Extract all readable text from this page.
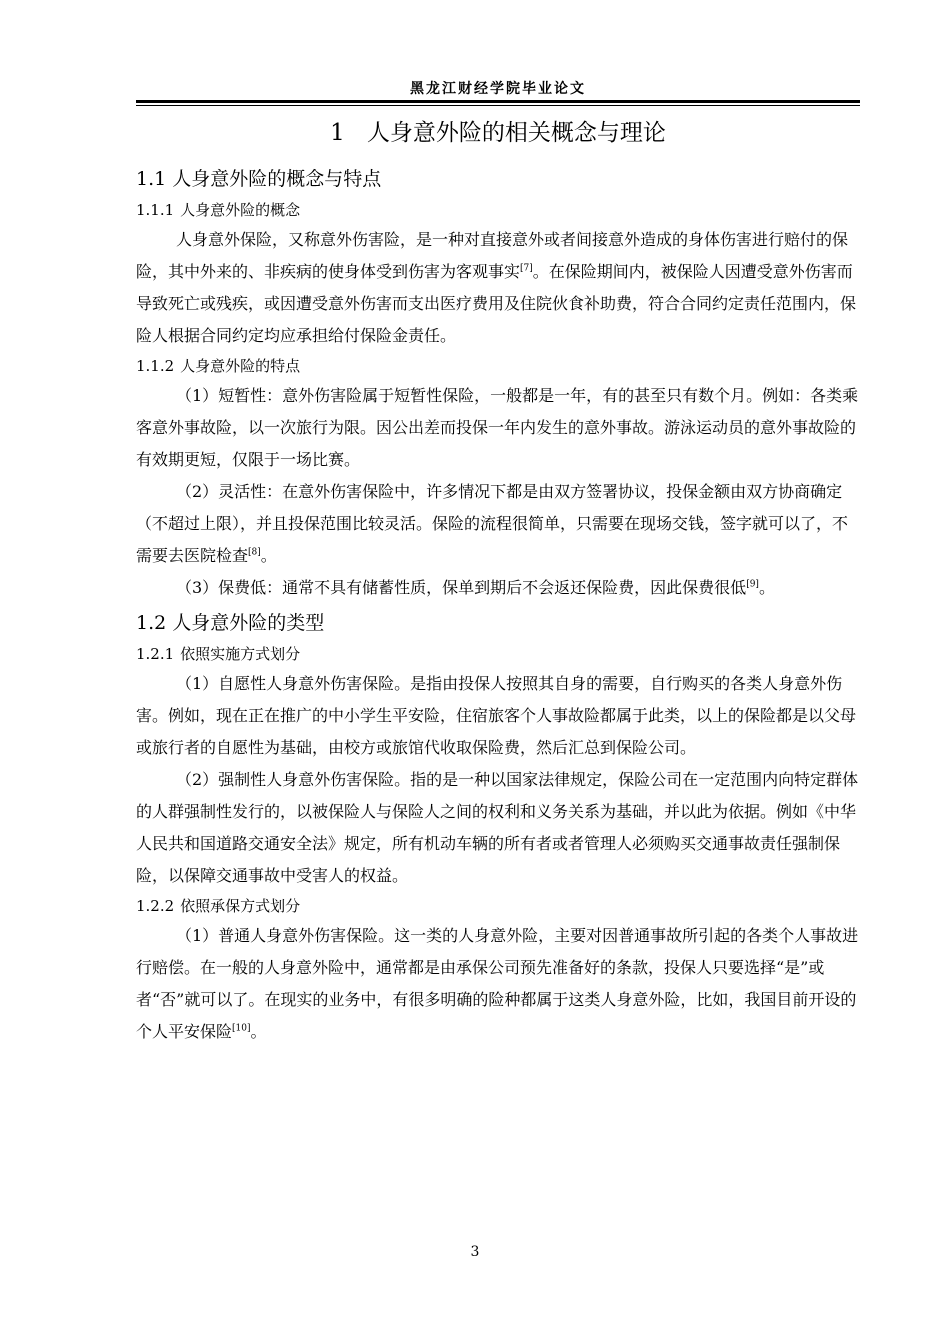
黑龙江财经学院毕业论文
1 人身意外险的相关概念与理论
1.1 人身意外险的概念与特点
1.1.1 人身意外险的概念

人身意外保险，又称意外伤害险，是一种对直接意外或者间接意外造成的身体伤害进行赔付的保险，其中外来的、非疾病的使身体受到伤害为客观事实[7]。在保险期间内，被保险人因遭受意外伤害而导致死亡或残疾，或因遭受意外伤害而支出医疗费用及住院伙食补助费，符合合同约定责任范围内，保险人根据合同约定均应承担给付保险金责任。

1.1.2 人身意外险的特点

（1）短暂性：意外伤害险属于短暂性保险，一般都是一年，有的甚至只有数个月。例如：各类乘客意外事故险，以一次旅行为限。因公出差而投保一年内发生的意外事故。游泳运动员的意外事故险的有效期更短，仅限于一场比赛。

（2）灵活性：在意外伤害保险中，许多情况下都是由双方签署协议，投保金额由双方协商确定（不超过上限），并且投保范围比较灵活。保险的流程很简单，只需要在现场交钱，签字就可以了，不需要去医院检查[8]。

（3）保费低：通常不具有储蓄性质，保单到期后不会返还保险费，因此保费很低[9]。

1.2 人身意外险的类型
1.2.1 依照实施方式划分

（1）自愿性人身意外伤害保险。是指由投保人按照其自身的需要，自行购买的各类人身意外伤害。例如，现在正在推广的中小学生平安险，住宿旅客个人事故险都属于此类，以上的保险都是以父母或旅行者的自愿性为基础，由校方或旅馆代收取保险费，然后汇总到保险公司。

（2）强制性人身意外伤害保险。指的是一种以国家法律规定，保险公司在一定范围内向特定群体的人群强制性发行的，以被保险人与保险人之间的权利和义务关系为基础，并以此为依据。例如《中华人民共和国道路交通安全法》规定，所有机动车辆的所有者或者管理人必须购买交通事故责任强制保险，以保障交通事故中受害人的权益。

1.2.2 依照承保方式划分

（1）普通人身意外伤害保险。这一类的人身意外险，主要对因普通事故所引起的各类个人事故进行赔偿。在一般的人身意外险中，通常都是由承保公司预先准备好的条款，投保人只要选择“是”或者“否”就可以了。在现实的业务中，有很多明确的险种都属于这类人身意外险，比如，我国目前开设的个人平安保险[10]。

3
